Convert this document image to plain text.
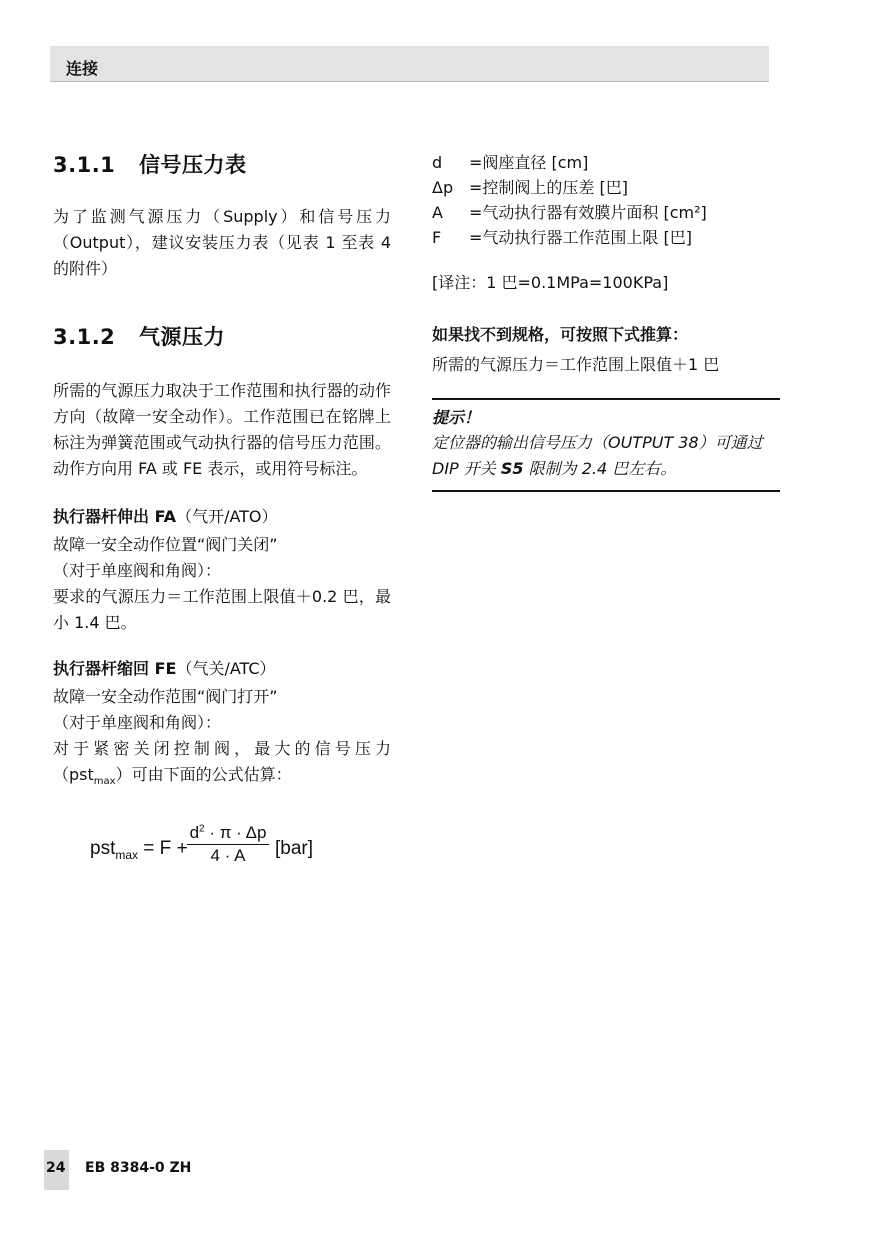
连接
3.1.1 信号压力表

为了监测气源压力（Supply）和信号压力（Output），建议安装压力表（见表 1 至表 4 的附件）

3.1.2 气源压力

所需的气源压力取决于工作范围和执行器的动作方向（故障一安全动作）。工作范围已在铭牌上标注为弹簧范围或气动执行器的信号压力范围。动作方向用 FA 或 FE 表示，或用符号标注。

执行器杆伸出 FA（气开/ATO）

故障一安全动作位置“阀门关闭”

（对于单座阀和角阀）：

要求的气源压力＝工作范围上限值＋0.2 巴，最小 1.4 巴。

执行器杆缩回 FE（气关/ATC）

故障一安全动作范围“阀门打开”

（对于单座阀和角阀）：

对于紧密关闭控制阀，最大的信号压力（pst$_{max}$）可由下面的公式估算：

$pst_{max} = F + \frac{d^2 \cdot \pi \cdot \Delta p}{4 \cdot A} [bar]$
d =阀座直径 [cm]
Δp =控制阀上的压差 [巴]
A =气动执行器有效膜片面积 [cm²]
F =气动执行器工作范围上限 [巴]

[译注：1 巴=0.1MPa=100KPa]

如果找不到规格，可按照下式推算：

所需的气源压力＝工作范围上限值＋1 巴

提示！
定位器的输出信号压力（OUTPUT 38）可通过 DIP 开关 S5 限制为 2.4 巴左右。
24 EB 8384-0 ZH
